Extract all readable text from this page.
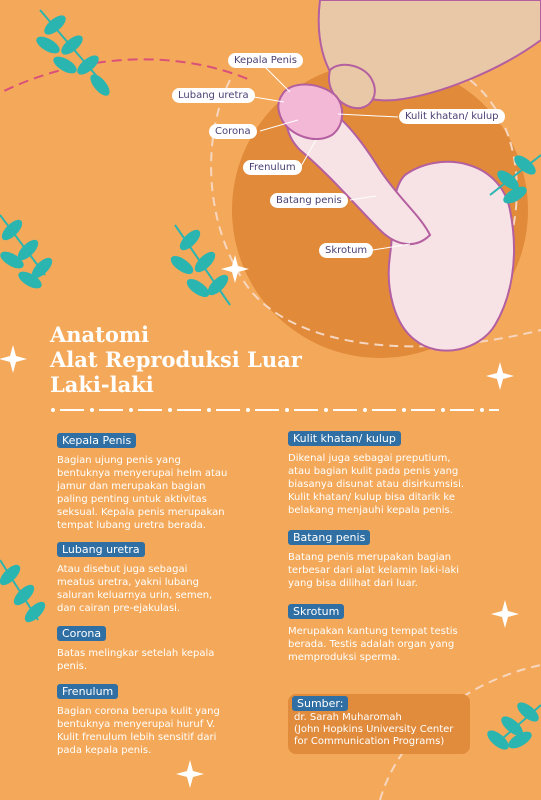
Kepala Penis
Lubang uretra
Corona
Frenulum
Batang penis
Skrotum
Kulit khatan/ kulup
Anatomi
Alat Reproduksi Luar
Laki-laki
Kepala Penis
Bagian ujung penis yang
bentuknya menyerupai helm atau
jamur dan merupakan bagian
paling penting untuk aktivitas
seksual. Kepala penis merupakan
tempat lubang uretra berada.
Lubang uretra
Atau disebut juga sebagai
meatus uretra, yakni lubang
saluran keluarnya urin, semen,
dan cairan pre-ejakulasi.
Corona
Batas melingkar setelah kepala
penis.
Frenulum
Bagian corona berupa kulit yang
bentuknya menyerupai huruf V.
Kulit frenulum lebih sensitif dari
pada kepala penis.
Kulit khatan/ kulup
Dikenal juga sebagai preputium,
atau bagian kulit pada penis yang
biasanya disunat atau disirkumsisi.
Kulit khatan/ kulup bisa ditarik ke
belakang menjauhi kepala penis.
Batang penis
Batang penis merupakan bagian
terbesar dari alat kelamin laki-laki
yang bisa dilihat dari luar.
Skrotum
Merupakan kantung tempat testis
berada. Testis adalah organ yang
memproduksi sperma.
Sumber:
dr. Sarah Muharomah
(John Hopkins University Center
for Communication Programs)
